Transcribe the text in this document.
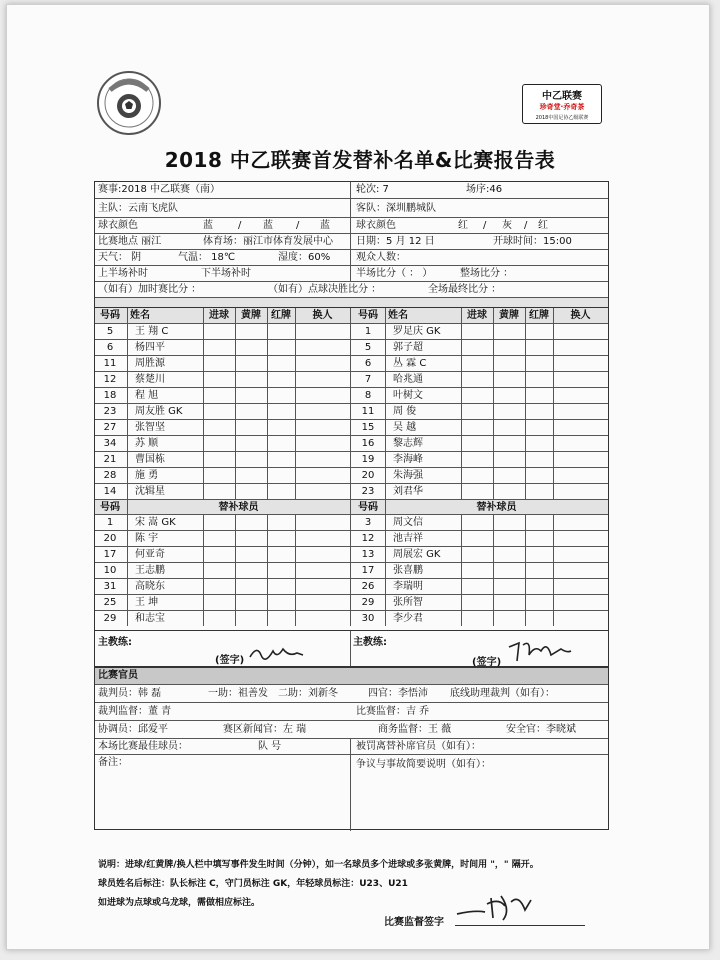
中乙联赛
珍奇堂·乔奇茶
2018中国足协乙级联赛
2018 中乙联赛首发替补名单&比赛报告表
赛事:2018 中乙联赛（南）	轮次: 7	场序:46
主队：云南飞虎队	客队：深圳鹏城队
球衣颜色	蓝	/	蓝	/	蓝	球衣颜色	红	/	灰	/	红
比赛地点 丽江	体育场：丽江市体育发展中心	日期：5 月 12 日	开球时间：15:00
天气： 阴	气温： 18℃	湿度：60%	观众人数：
上半场补时	下半场补时	半场比分（ ： ）	整场比分 ：
（如有）加时赛比分 ：	（如有）点球决胜比分 ：	全场最终比分 ：
号码	姓名	进球	黄牌	红牌	换人	号码	姓名	进球	黄牌	红牌	换人
5	王 翔 C	1	罗足庆 GK
6	杨四平	5	郭子超
11	周胜源	6	丛 霖 C
12	蔡楚川	7	哈兆通
18	程 旭	8	叶树文
23	周友胜 GK	11	周 俊
27	张智坚	15	吴 越
34	苏 顺	16	黎志辉
21	曹国栋	19	李海峰
28	施 勇	20	朱海强
14	沈辑星	23	刘君华
号码	替补球员	号码	替补球员
1	宋 嵩 GK	3	周文信
20	陈 宇	12	池吉祥
17	何亚奇	13	周展宏 GK
10	王志鹏	17	张喜鹏
31	高晓东	26	李瑞明
25	王 坤	29	张所智
29	和志宝	30	李少君
主教练:
(签字)
主教练:
(签字)
比赛官员
裁判员：韩 磊	一助：祖善发	二助：刘新冬	四官：李悟沛	底线助理裁判（如有）：
裁判监督：董 青	比赛监督：吉 乔
协调员：邱爱平	赛区新闻官：左 瑞	商务监督：王 薇	安全官：李晓斌
本场比赛最佳球员：	队 号	被罚离替补席官员（如有）：
备注：	争议与事故简要说明（如有）：
说明：进球/红黄牌/换人栏中填写事件发生时间（分钟），如一名球员多个进球或多张黄牌，时间用 "，" 隔开。
球员姓名后标注：队长标注 C，守门员标注 GK，年轻球员标注：U23、U21
如进球为点球或乌龙球，需做相应标注。
比赛监督签字
